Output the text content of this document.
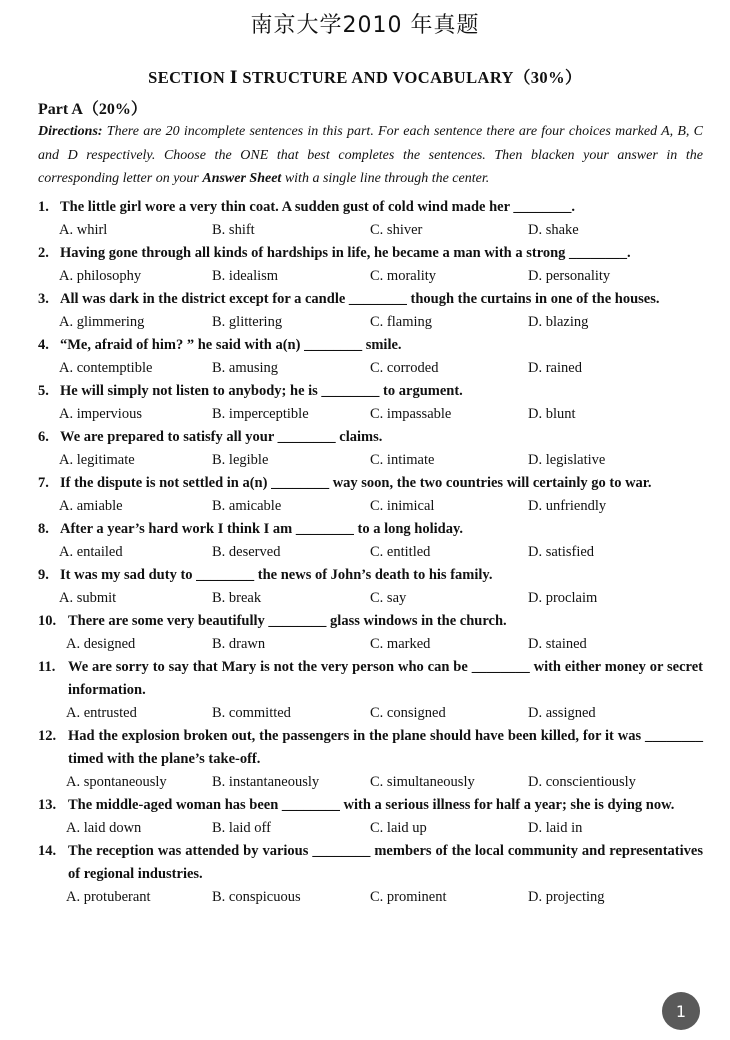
南京大学2010 年真题
SECTION Ⅰ STRUCTURE AND VOCABULARY（30%）
Part A（20%）
Directions: There are 20 incomplete sentences in this part. For each sentence there are four choices marked A, B, C and D respectively. Choose the ONE that best completes the sentences. Then blacken your answer in the corresponding letter on your Answer Sheet with a single line through the center.
1. The little girl wore a very thin coat. A sudden gust of cold wind made her ________.
A. whirl	B. shift	C. shiver	D. shake
2. Having gone through all kinds of hardships in life, he became a man with a strong ________.
A. philosophy	B. idealism	C. morality	D. personality
3. All was dark in the district except for a candle ________ though the curtains in one of the houses.
A. glimmering	B. glittering	C. flaming	D. blazing
4. “Me, afraid of him? ” he said with a(n) ________ smile.
A. contemptible	B. amusing	C. corroded	D. rained
5. He will simply not listen to anybody; he is ________ to argument.
A. impervious	B. imperceptible	C. impassable	D. blunt
6. We are prepared to satisfy all your ________ claims.
A. legitimate	B. legible	C. intimate	D. legislative
7. If the dispute is not settled in a(n) ________ way soon, the two countries will certainly go to war.
A. amiable	B. amicable	C. inimical	D. unfriendly
8. After a year’s hard work I think I am ________ to a long holiday.
A. entailed	B. deserved	C. entitled	D. satisfied
9. It was my sad duty to ________ the news of John’s death to his family.
A. submit	B. break	C. say	D. proclaim
10. There are some very beautifully ________ glass windows in the church.
A. designed	B. drawn	C. marked	D. stained
11. We are sorry to say that Mary is not the very person who can be ________ with either money or secret information.
A. entrusted	B. committed	C. consigned	D. assigned
12. Had the explosion broken out, the passengers in the plane should have been killed, for it was ________ timed with the plane’s take-off.
A. spontaneously	B. instantaneously	C. simultaneously	D. conscientiously
13. The middle-aged woman has been ________ with a serious illness for half a year; she is dying now.
A. laid down	B. laid off	C. laid up	D. laid in
14. The reception was attended by various ________ members of the local community and representatives of regional industries.
A. protuberant	B. conspicuous	C. prominent	D. projecting
1
